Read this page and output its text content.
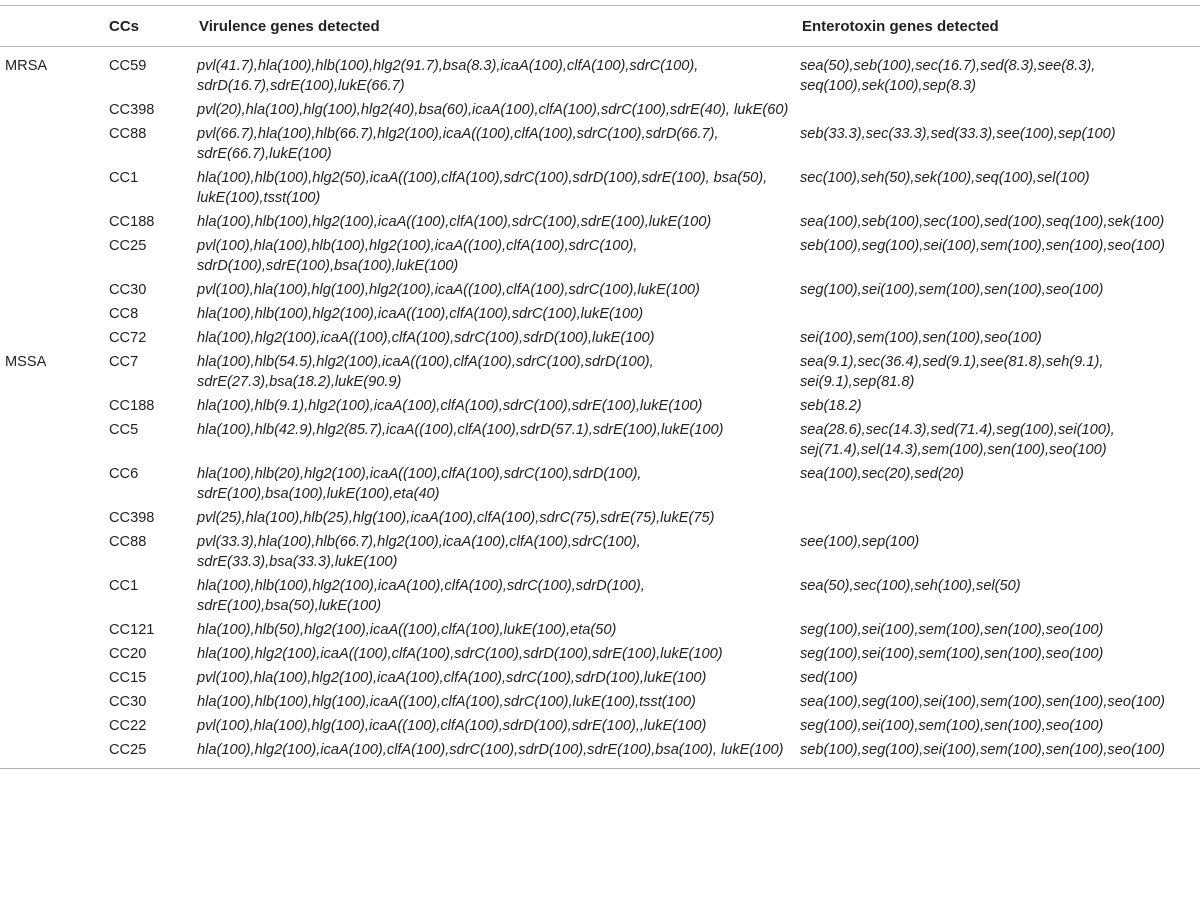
	CCs	Virulence genes detected	Enterotoxin genes detected
MRSA	CC59	pvl(41.7),hla(100),hlb(100),hlg2(91.7),bsa(8.3),icaA(100),clfA(100),sdrC(100), sdrD(16.7),sdrE(100),lukE(66.7)	sea(50),seb(100),sec(16.7),sed(8.3),see(8.3), seq(100),sek(100),sep(8.3)
	CC398	pvl(20),hla(100),hlg(100),hlg2(40),bsa(60),icaA(100),clfA(100),sdrC(100),sdrE(40), lukE(60)	
	CC88	pvl(66.7),hla(100),hlb(66.7),hlg2(100),icaA((100),clfA(100),sdrC(100),sdrD(66.7), sdrE(66.7),lukE(100)	seb(33.3),sec(33.3),sed(33.3),see(100),sep(100)
	CC1	hla(100),hlb(100),hlg2(50),icaA((100),clfA(100),sdrC(100),sdrD(100),sdrE(100), bsa(50), lukE(100),tsst(100)	sec(100),seh(50),sek(100),seq(100),sel(100)
	CC188	hla(100),hlb(100),hlg2(100),icaA((100),clfA(100),sdrC(100),sdrE(100),lukE(100)	sea(100),seb(100),sec(100),sed(100),seq(100),sek(100)
	CC25	pvl(100),hla(100),hlb(100),hlg2(100),icaA((100),clfA(100),sdrC(100), sdrD(100),sdrE(100),bsa(100),lukE(100)	seb(100),seg(100),sei(100),sem(100),sen(100),seo(100)
	CC30	pvl(100),hla(100),hlg(100),hlg2(100),icaA((100),clfA(100),sdrC(100),lukE(100)	seg(100),sei(100),sem(100),sen(100),seo(100)
	CC8	hla(100),hlb(100),hlg2(100),icaA((100),clfA(100),sdrC(100),lukE(100)	
	CC72	hla(100),hlg2(100),icaA((100),clfA(100),sdrC(100),sdrD(100),lukE(100)	sei(100),sem(100),sen(100),seo(100)
MSSA	CC7	hla(100),hlb(54.5),hlg2(100),icaA((100),clfA(100),sdrC(100),sdrD(100), sdrE(27.3),bsa(18.2),lukE(90.9)	sea(9.1),sec(36.4),sed(9.1),see(81.8),seh(9.1), sei(9.1),sep(81.8)
	CC188	hla(100),hlb(9.1),hlg2(100),icaA(100),clfA(100),sdrC(100),sdrE(100),lukE(100)	seb(18.2)
	CC5	hla(100),hlb(42.9),hlg2(85.7),icaA((100),clfA(100),sdrD(57.1),sdrE(100),lukE(100)	sea(28.6),sec(14.3),sed(71.4),seg(100),sei(100), sej(71.4),sel(14.3),sem(100),sen(100),seo(100)
	CC6	hla(100),hlb(20),hlg2(100),icaA((100),clfA(100),sdrC(100),sdrD(100), sdrE(100),bsa(100),lukE(100),eta(40)	sea(100),sec(20),sed(20)
	CC398	pvl(25),hla(100),hlb(25),hlg(100),icaA(100),clfA(100),sdrC(75),sdrE(75),lukE(75)	
	CC88	pvl(33.3),hla(100),hlb(66.7),hlg2(100),icaA(100),clfA(100),sdrC(100), sdrE(33.3),bsa(33.3),lukE(100)	see(100),sep(100)
	CC1	hla(100),hlb(100),hlg2(100),icaA(100),clfA(100),sdrC(100),sdrD(100), sdrE(100),bsa(50),lukE(100)	sea(50),sec(100),seh(100),sel(50)
	CC121	hla(100),hlb(50),hlg2(100),icaA((100),clfA(100),lukE(100),eta(50)	seg(100),sei(100),sem(100),sen(100),seo(100)
	CC20	hla(100),hlg2(100),icaA((100),clfA(100),sdrC(100),sdrD(100),sdrE(100),lukE(100)	seg(100),sei(100),sem(100),sen(100),seo(100)
	CC15	pvl(100),hla(100),hlg2(100),icaA(100),clfA(100),sdrC(100),sdrD(100),lukE(100)	sed(100)
	CC30	hla(100),hlb(100),hlg(100),icaA((100),clfA(100),sdrC(100),lukE(100),tsst(100)	sea(100),seg(100),sei(100),sem(100),sen(100),seo(100)
	CC22	pvl(100),hla(100),hlg(100),icaA((100),clfA(100),sdrD(100),sdrE(100),,lukE(100)	seg(100),sei(100),sem(100),sen(100),seo(100)
	CC25	hla(100),hlg2(100),icaA(100),clfA(100),sdrC(100),sdrD(100),sdrE(100),bsa(100), lukE(100)	seb(100),seg(100),sei(100),sem(100),sen(100),seo(100)
